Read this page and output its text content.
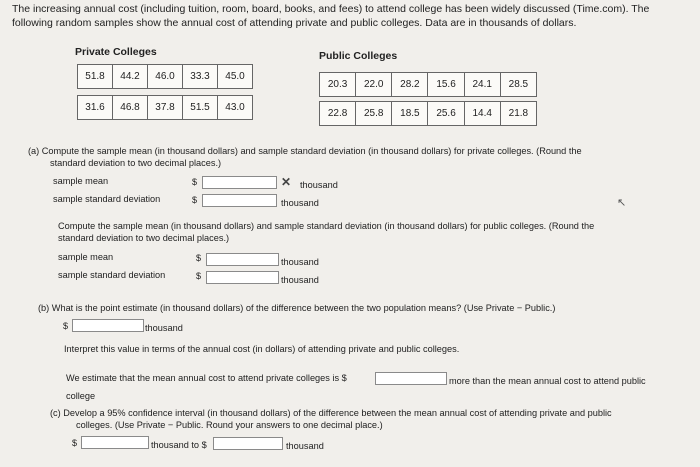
The increasing annual cost (including tuition, room, board, books, and fees) to attend college has been widely discussed (Time.com). The
following random samples show the annual cost of attending private and public colleges. Data are in thousands of dollars.
Private Colleges
51.8	44.2	46.0	33.3	45.0
31.6	46.8	37.8	51.5	43.0
Public Colleges
20.3	22.0	28.2	15.6	24.1	28.5
22.8	25.8	18.5	25.6	14.4	21.8
(a) Compute the sample mean (in thousand dollars) and sample standard deviation (in thousand dollars) for private colleges. (Round the
standard deviation to two decimal places.)
sample mean	$	✕ thousand
sample standard deviation	$	thousand	↖
Compute the sample mean (in thousand dollars) and sample standard deviation (in thousand dollars) for public colleges. (Round the
standard deviation to two decimal places.)
sample mean	$	thousand
sample standard deviation	$	thousand
(b) What is the point estimate (in thousand dollars) of the difference between the two population means? (Use Private − Public.)
$	thousand
Interpret this value in terms of the annual cost (in dollars) of attending private and public colleges.
We estimate that the mean annual cost to attend private colleges is $	more than the mean annual cost to attend public

college
(c) Develop a 95% confidence interval (in thousand dollars) of the difference between the mean annual cost of attending private and public
colleges. (Use Private − Public. Round your answers to one decimal place.)
$	thousand to $	thousand
